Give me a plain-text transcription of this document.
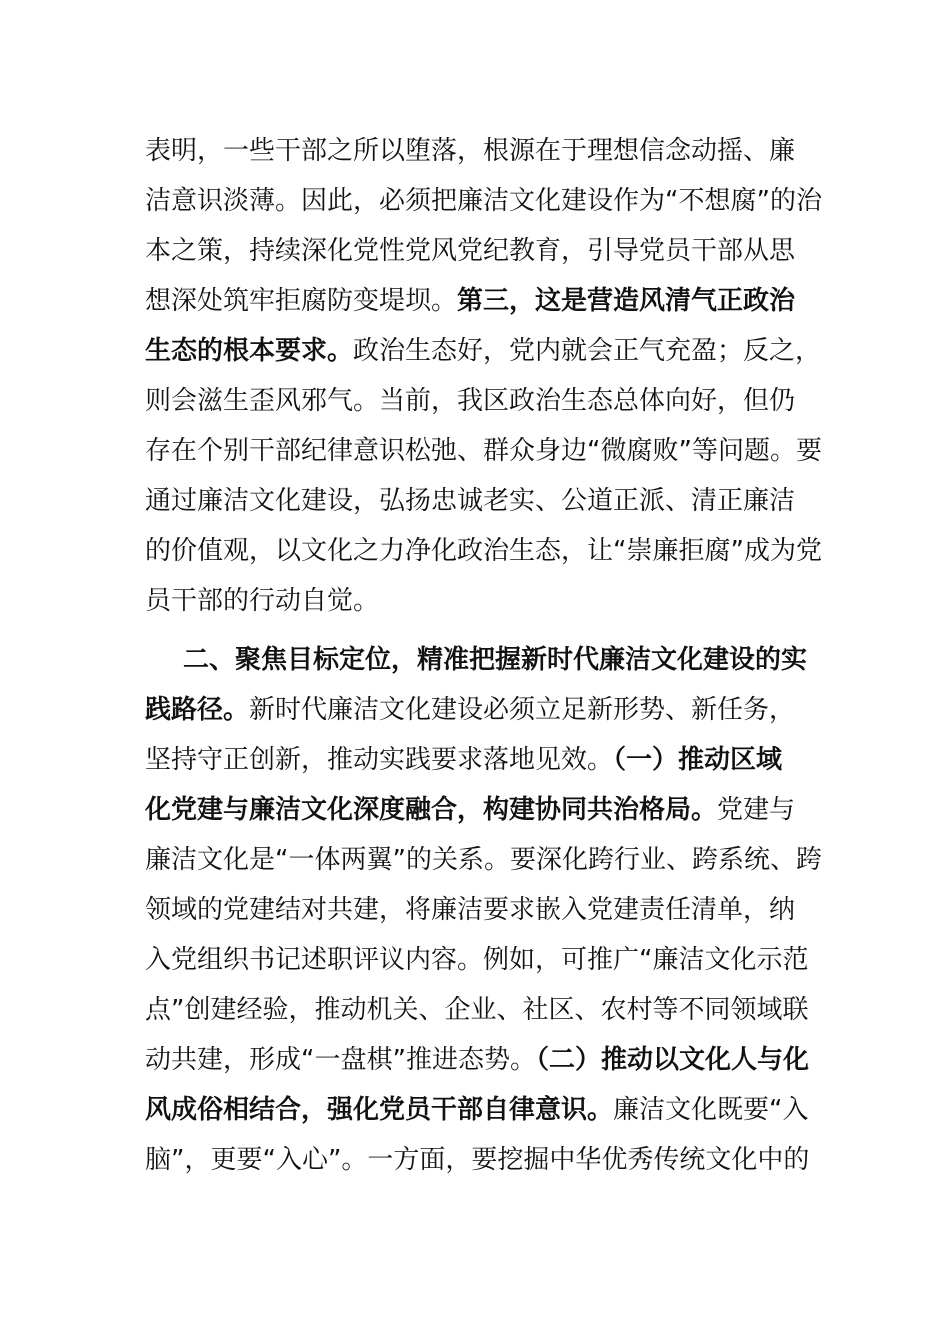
表明，一些干部之所以堕落，根源在于理想信念动摇、廉
洁意识淡薄。因此，必须把廉洁文化建设作为“不想腐”的治
本之策，持续深化党性党风党纪教育，引导党员干部从思
想深处筑牢拒腐防变堤坝。第三，这是营造风清气正政治
生态的根本要求。政治生态好，党内就会正气充盈；反之，
则会滋生歪风邪气。当前，我区政治生态总体向好，但仍
存在个别干部纪律意识松弛、群众身边“微腐败”等问题。要
通过廉洁文化建设，弘扬忠诚老实、公道正派、清正廉洁
的价值观，以文化之力净化政治生态，让“崇廉拒腐”成为党
员干部的行动自觉。

二、聚焦目标定位，精准把握新时代廉洁文化建设的实
践路径。新时代廉洁文化建设必须立足新形势、新任务，
坚持守正创新，推动实践要求落地见效。（一）推动区域
化党建与廉洁文化深度融合，构建协同共治格局。党建与
廉洁文化是“一体两翼”的关系。要深化跨行业、跨系统、跨
领域的党建结对共建，将廉洁要求嵌入党建责任清单，纳
入党组织书记述职评议内容。例如，可推广“廉洁文化示范
点”创建经验，推动机关、企业、社区、农村等不同领域联
动共建，形成“一盘棋”推进态势。（二）推动以文化人与化
风成俗相结合，强化党员干部自律意识。廉洁文化既要“入
脑”，更要“入心”。一方面，要挖掘中华优秀传统文化中的
